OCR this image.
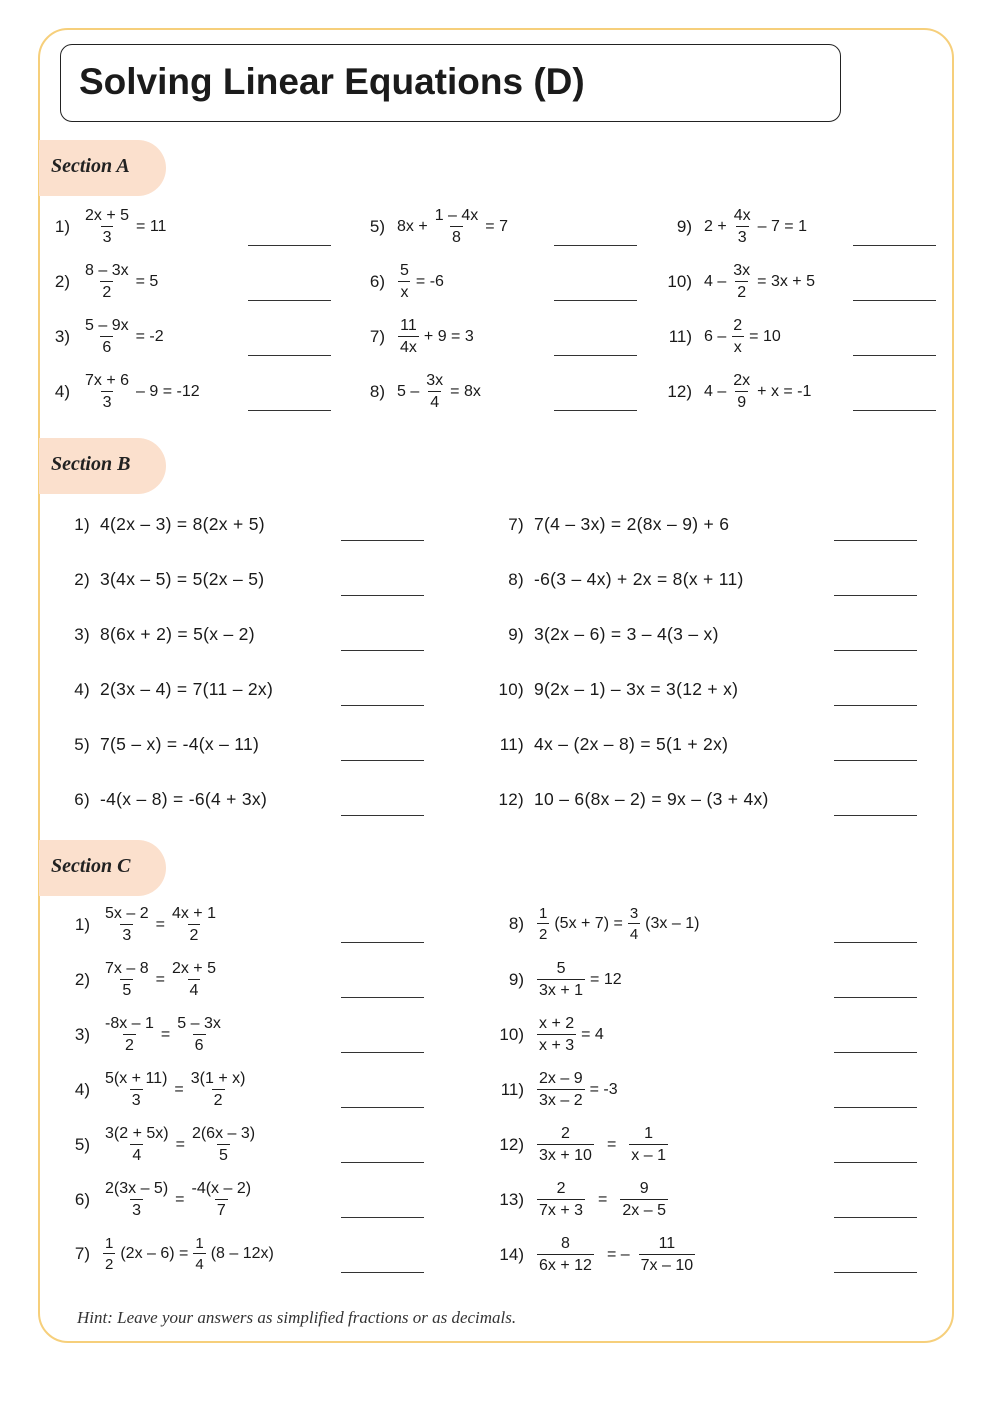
Solving Linear Equations (D)
Section A
Section B
Section C
$1) \frac{2x + 5}{3} = 11$
$2) \frac{8 - 3x}{2} = 5$
$3) \frac{5 - 9x}{6} = -2$
$4) \frac{7x + 6}{3} - 9 = -12$
5) $8x + \frac{1 - 4x}{8} = 7$
$6) \frac{5}{x} = -6$
$7) \frac{11}{4x} + 9 = 3$
8) $5 - \frac{3x}{4} = 8x$
9) $2 + \frac{4x}{3} - 7 = 1$
10) $4 - \frac{3x}{2} = 3x + 5$
11) $6 - \frac{2}{x} = 10$
12) $4 - \frac{2x}{9} + x = -1$
1) 4(2x – 3) = 8(2x + 5)
2) 3(4x – 5) = 5(2x – 5)
3) 8(6x + 2) = 5(x – 2)
4) 2(3x – 4) = 7(11 – 2x)
5) 7(5 – x) = -4(x – 11)
6) -4(x – 8) = -6(4 + 3x)
7) 7(4 – 3x) = 2(8x – 9) + 6
8) -6(3 – 4x) + 2x = 8(x + 11)
9) 3(2x – 6) = 3 – 4(3 – x)
10) 9(2x – 1) – 3x = 3(12 + x)
11) 4x – (2x – 8) = 5(1 + 2x)
12) 10 – 6(8x – 2) = 9x – (3 + 4x)
$1) \frac{5x - 2}{3} = \frac{4x + 1}{2}$
$2) \frac{7x - 8}{5} = \frac{2x + 5}{4}$
$3) \frac{-8x - 1}{2} = \frac{5 - 3x}{6}$
$4) \frac{5(x + 11)}{3} = \frac{3(1 + x)}{2}$
$5) \frac{3(2 + 5x)}{4} = \frac{2(6x - 3)}{5}$
$6) \frac{2(3x - 5)}{3} = \frac{-4(x - 2)}{7}$
$7) \frac{1}{2} (2x - 6) = \frac{1}{4} (8 - 12x)$
$8) \frac{1}{2} (5x + 7) = \frac{3}{4} (3x - 1)$
$9) \frac{5}{3x + 1} = 12$
$10) \frac{x + 2}{x + 3} = 4$
$11) \frac{2x - 9}{3x - 2} = -3$
$12) \frac{2}{3x + 10} = \frac{1}{x - 1}$
$13) \frac{2}{7x + 3} = \frac{9}{2x - 5}$
$14) \frac{8}{6x + 12}$ = – $\frac{11}{7x - 10}$
Hint: Leave your answers as simplified fractions or as decimals.
